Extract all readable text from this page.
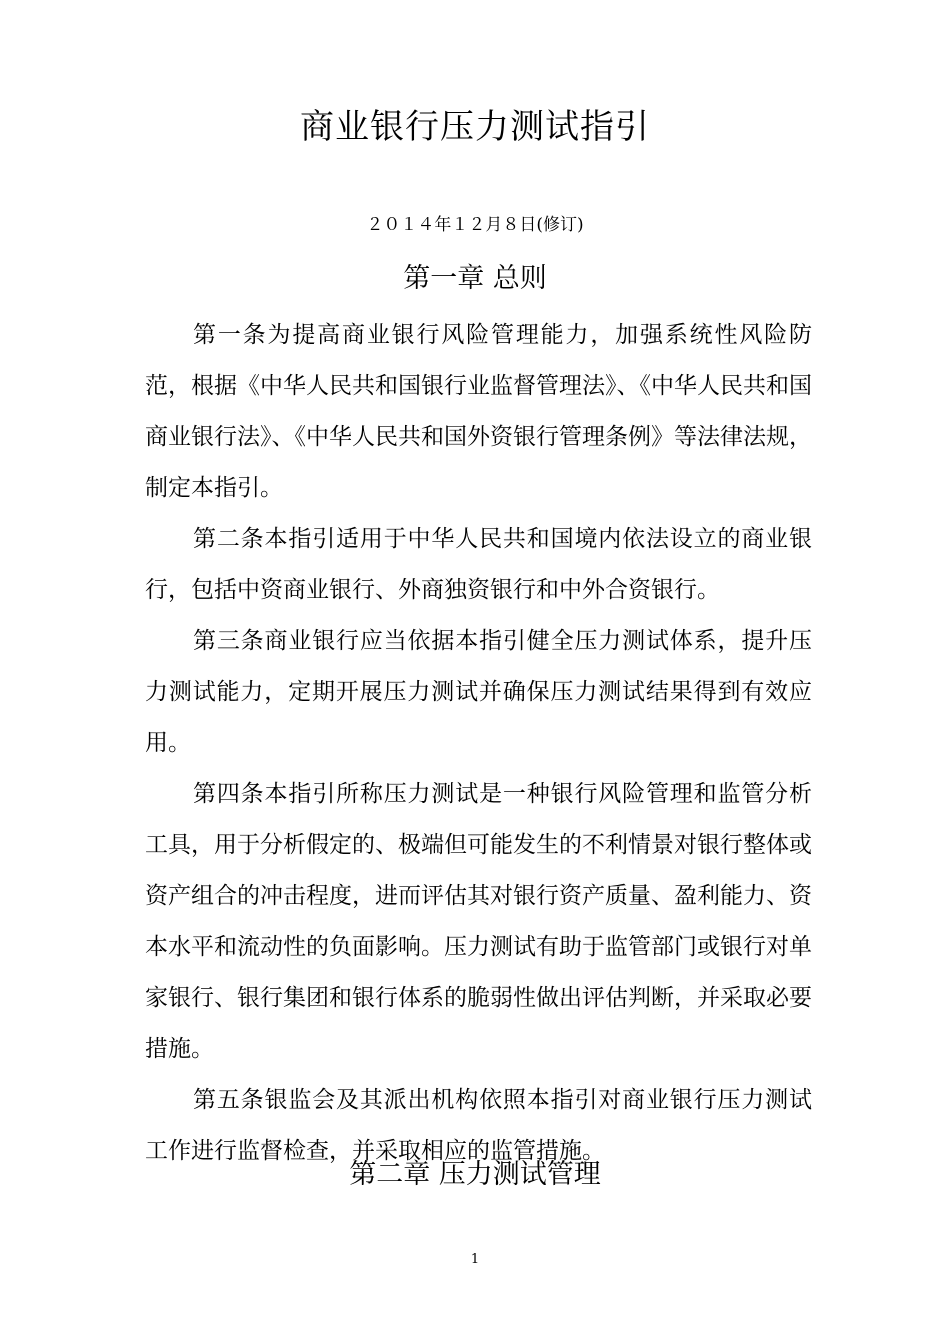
商业银行压力测试指引
２０１４年１２月８日(修订)
第一章 总则

第一条为提高商业银行风险管理能力，加强系统性风险防范，根据《中华人民共和国银行业监督管理法》、《中华人民共和国商业银行法》、《中华人民共和国外资银行管理条例》等法律法规，制定本指引。

第二条本指引适用于中华人民共和国境内依法设立的商业银行，包括中资商业银行、外商独资银行和中外合资银行。

第三条商业银行应当依据本指引健全压力测试体系，提升压力测试能力，定期开展压力测试并确保压力测试结果得到有效应用。

第四条本指引所称压力测试是一种银行风险管理和监管分析工具，用于分析假定的、极端但可能发生的不利情景对银行整体或资产组合的冲击程度，进而评估其对银行资产质量、盈利能力、资本水平和流动性的负面影响。压力测试有助于监管部门或银行对单家银行、银行集团和银行体系的脆弱性做出评估判断，并采取必要措施。

第五条银监会及其派出机构依照本指引对商业银行压力测试工作进行监督检查，并采取相应的监管措施。

第二章 压力测试管理
1
